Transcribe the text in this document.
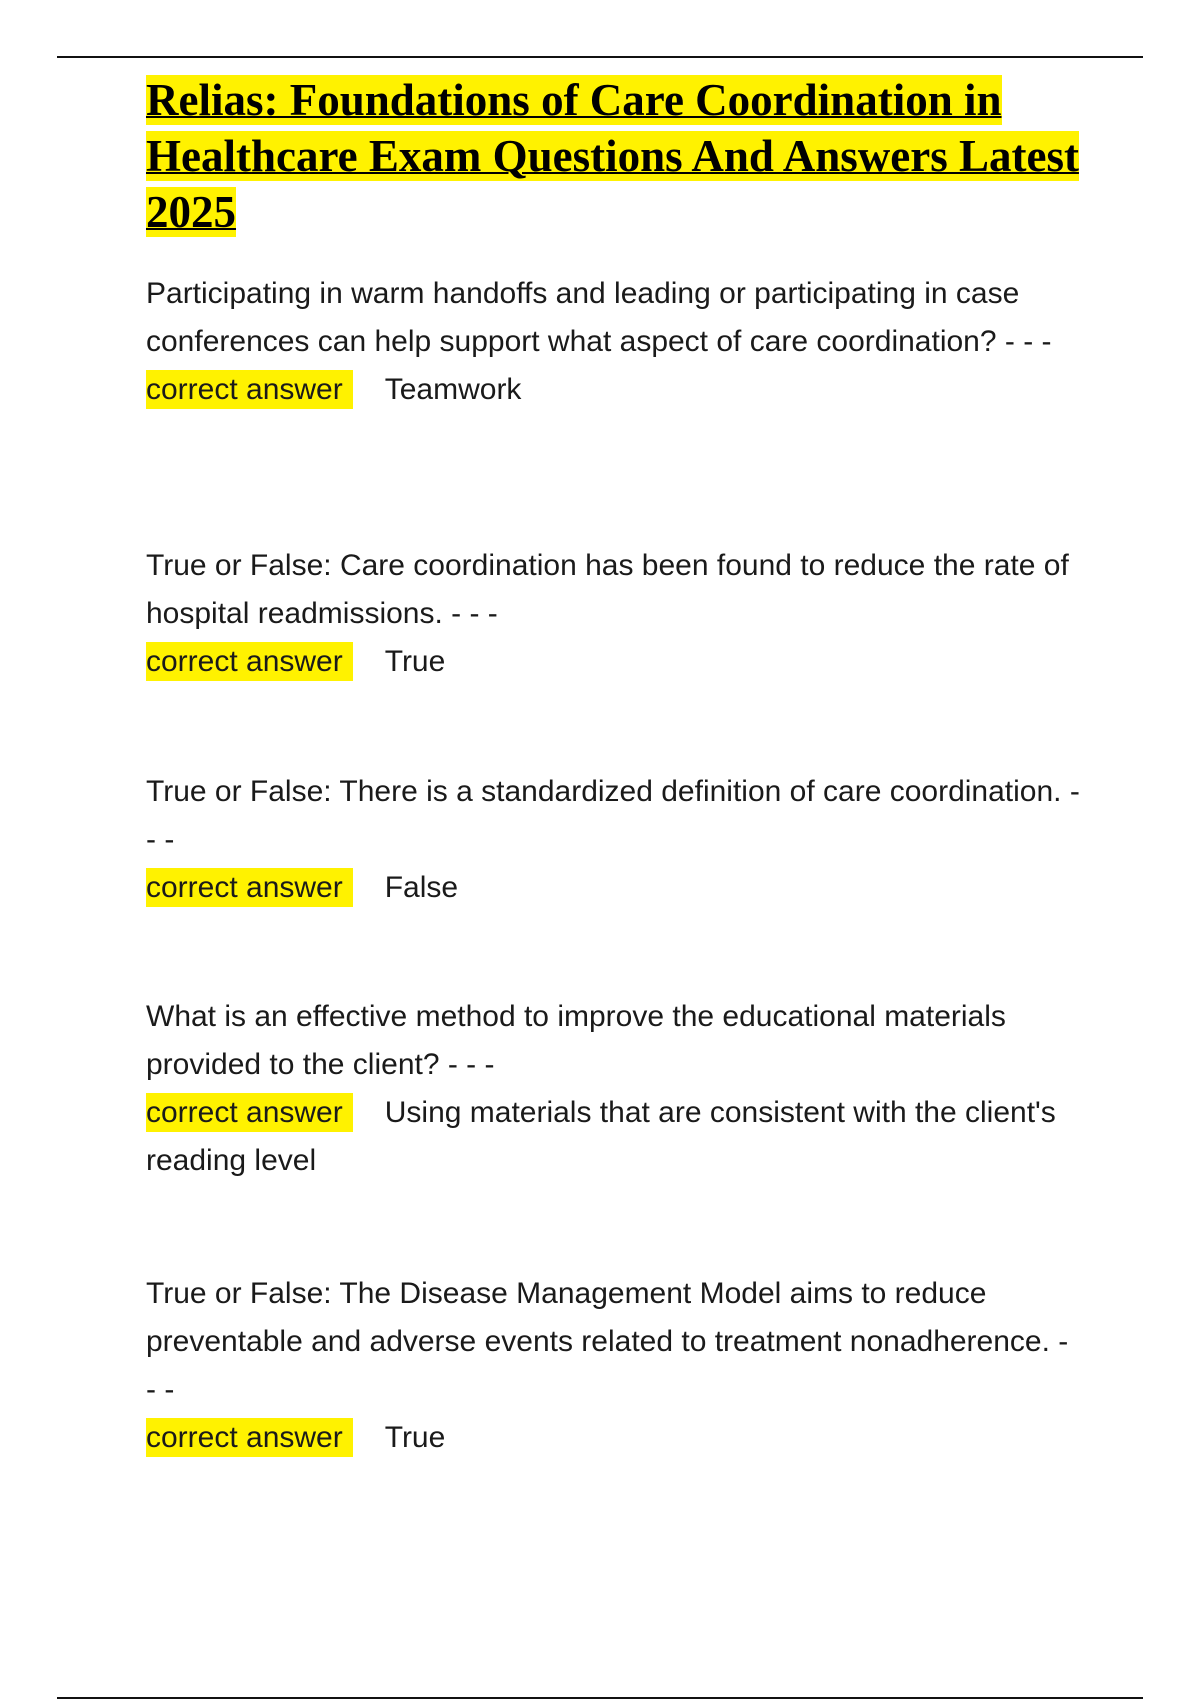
Relias: Foundations of Care Coordination in Healthcare Exam Questions And Answers Latest 2025

Participating in warm handoffs and leading or participating in case conferences can help support what aspect of care coordination? - - -

correct answer Teamwork

True or False: Care coordination has been found to reduce the rate of hospital readmissions. - - -

correct answer True

True or False: There is a standardized definition of care coordination. - - -

correct answer False

What is an effective method to improve the educational materials provided to the client? - - -

correct answer Using materials that are consistent with the client's reading level

True or False: The Disease Management Model aims to reduce preventable and adverse events related to treatment nonadherence. - - -

correct answer True
